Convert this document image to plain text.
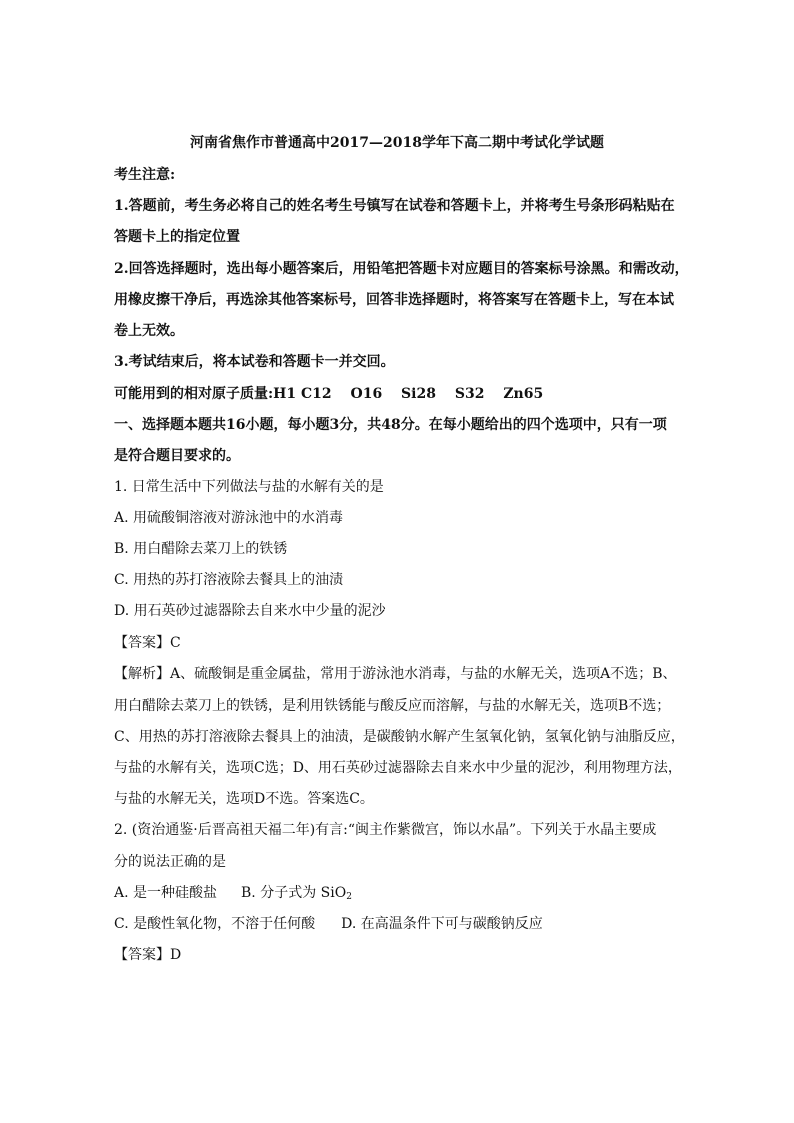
河南省焦作市普通高中2017—2018学年下高二期中考试化学试题
考生注意:
1.答题前，考生务必将自己的姓名考生号镇写在试卷和答题卡上，并将考生号条形码粘贴在
答题卡上的指定位置
2.回答选择题时，选出每小题答案后，用铅笔把答题卡对应题目的答案标号涂黑。和需改动，
用橡皮擦干净后，再选涂其他答案标号，回答非选择题时，将答案写在答题卡上，写在本试
卷上无效。
3.考试结束后，将本试卷和答题卡一并交回。
可能用到的相对原子质量:H1 C12　 O16　 Si28　 S32　 Zn65
一、选择题本题共16小题，每小题3分，共48分。在每小题给出的四个选项中，只有一项
是符合题目要求的。
1. 日常生活中下列做法与盐的水解有关的是
A. 用硫酸铜溶液对游泳池中的水消毒
B. 用白醋除去菜刀上的铁锈
C. 用热的苏打溶液除去餐具上的油渍
D. 用石英砂过滤器除去自来水中少量的泥沙
【答案】C
【解析】A、硫酸铜是重金属盐，常用于游泳池水消毒，与盐的水解无关，选项A不选；B、
用白醋除去菜刀上的铁锈，是利用铁锈能与酸反应而溶解，与盐的水解无关，选项B不选；
C、用热的苏打溶液除去餐具上的油渍，是碳酸钠水解产生氢氧化钠，氢氧化钠与油脂反应，
与盐的水解有关，选项C选；D、用石英砂过滤器除去自来水中少量的泥沙，利用物理方法，
与盐的水解无关，选项D不选。答案选C。
2. (资治通鉴·后晋高祖天福二年)有言:“闽主作紫微宫，饰以水晶”。下列关于水晶主要成
分的说法正确的是
A. 是一种硅酸盐 B. 分子式为 SiO$_2$
C. 是酸性氧化物，不溶于任何酸 D. 在高温条件下可与碳酸钠反应
【答案】D
